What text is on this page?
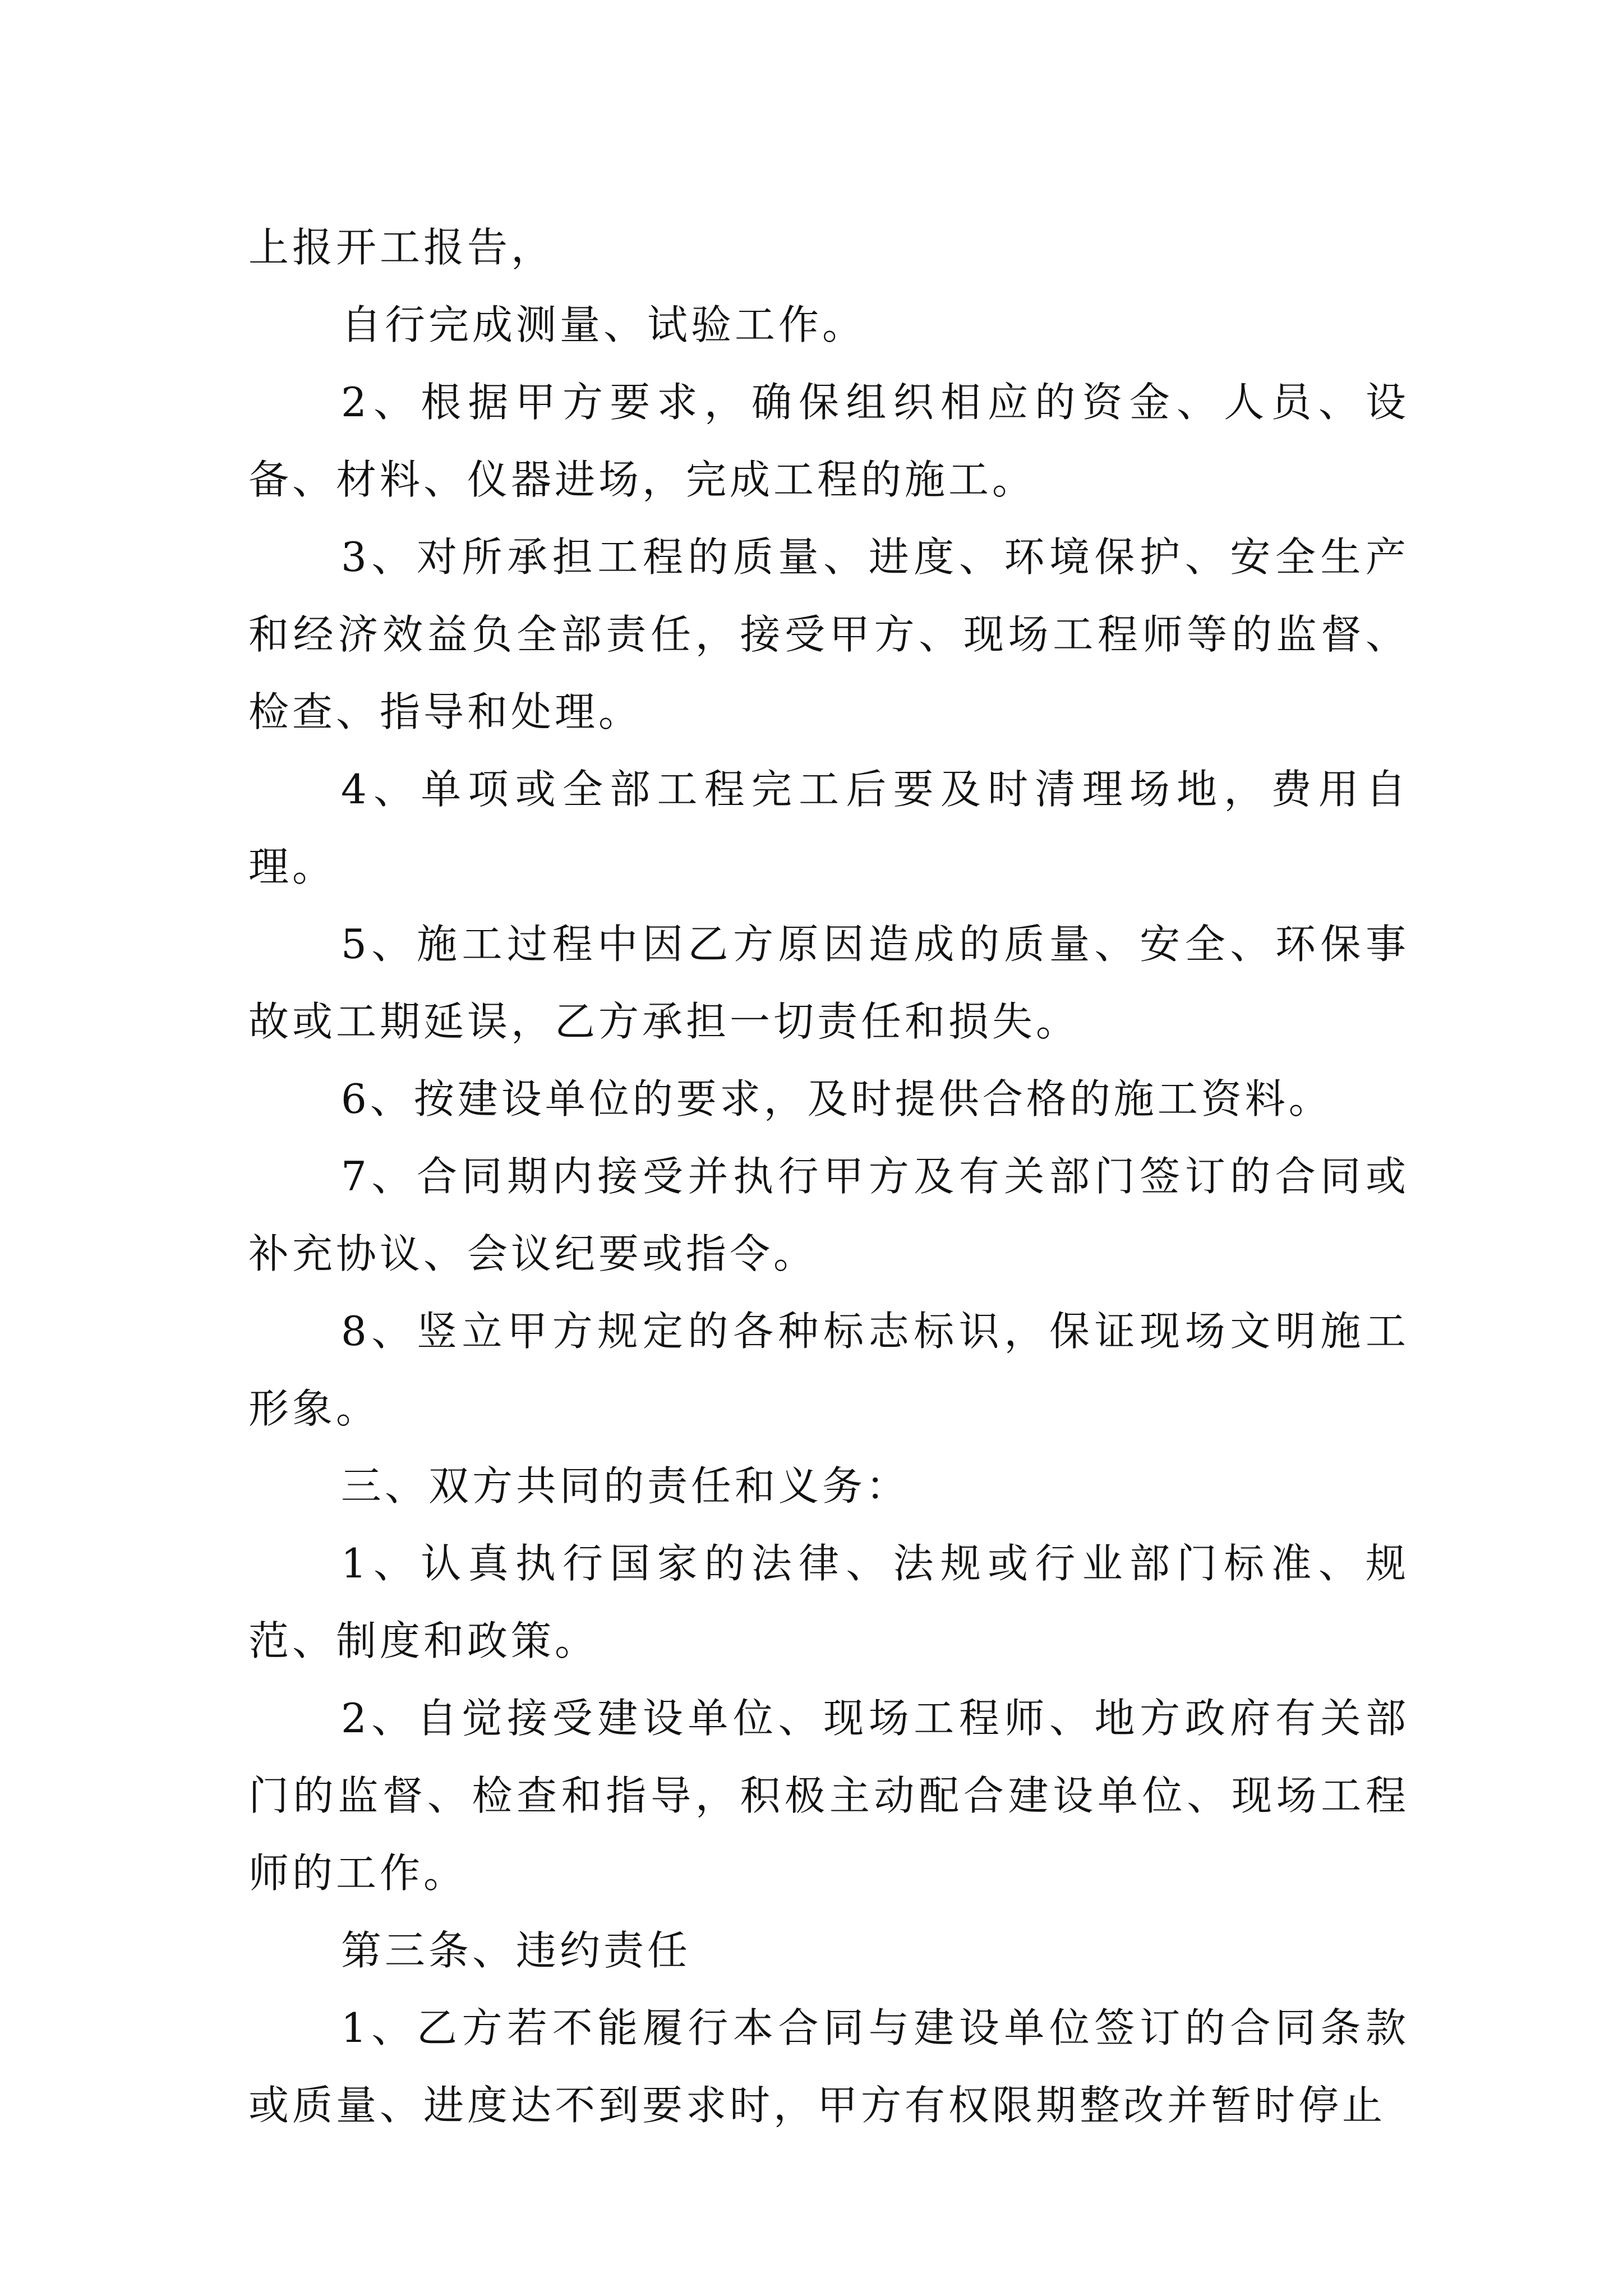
上报开工报告，

自行完成测量、试验工作。

2、根据甲方要求，确保组织相应的资金、人员、设备、材料、仪器进场，完成工程的施工。

3、对所承担工程的质量、进度、环境保护、安全生产和经济效益负全部责任，接受甲方、现场工程师等的监督、检查、指导和处理。

4、单项或全部工程完工后要及时清理场地，费用自理。

5、施工过程中因乙方原因造成的质量、安全、环保事故或工期延误，乙方承担一切责任和损失。

6、按建设单位的要求，及时提供合格的施工资料。

7、合同期内接受并执行甲方及有关部门签订的合同或补充协议、会议纪要或指令。

8、竖立甲方规定的各种标志标识，保证现场文明施工形象。

三、双方共同的责任和义务：

1、认真执行国家的法律、法规或行业部门标准、规范、制度和政策。

2、自觉接受建设单位、现场工程师、地方政府有关部门的监督、检查和指导，积极主动配合建设单位、现场工程师的工作。

第三条、违约责任

1、乙方若不能履行本合同与建设单位签订的合同条款或质量、进度达不到要求时，甲方有权限期整改并暂时停止
